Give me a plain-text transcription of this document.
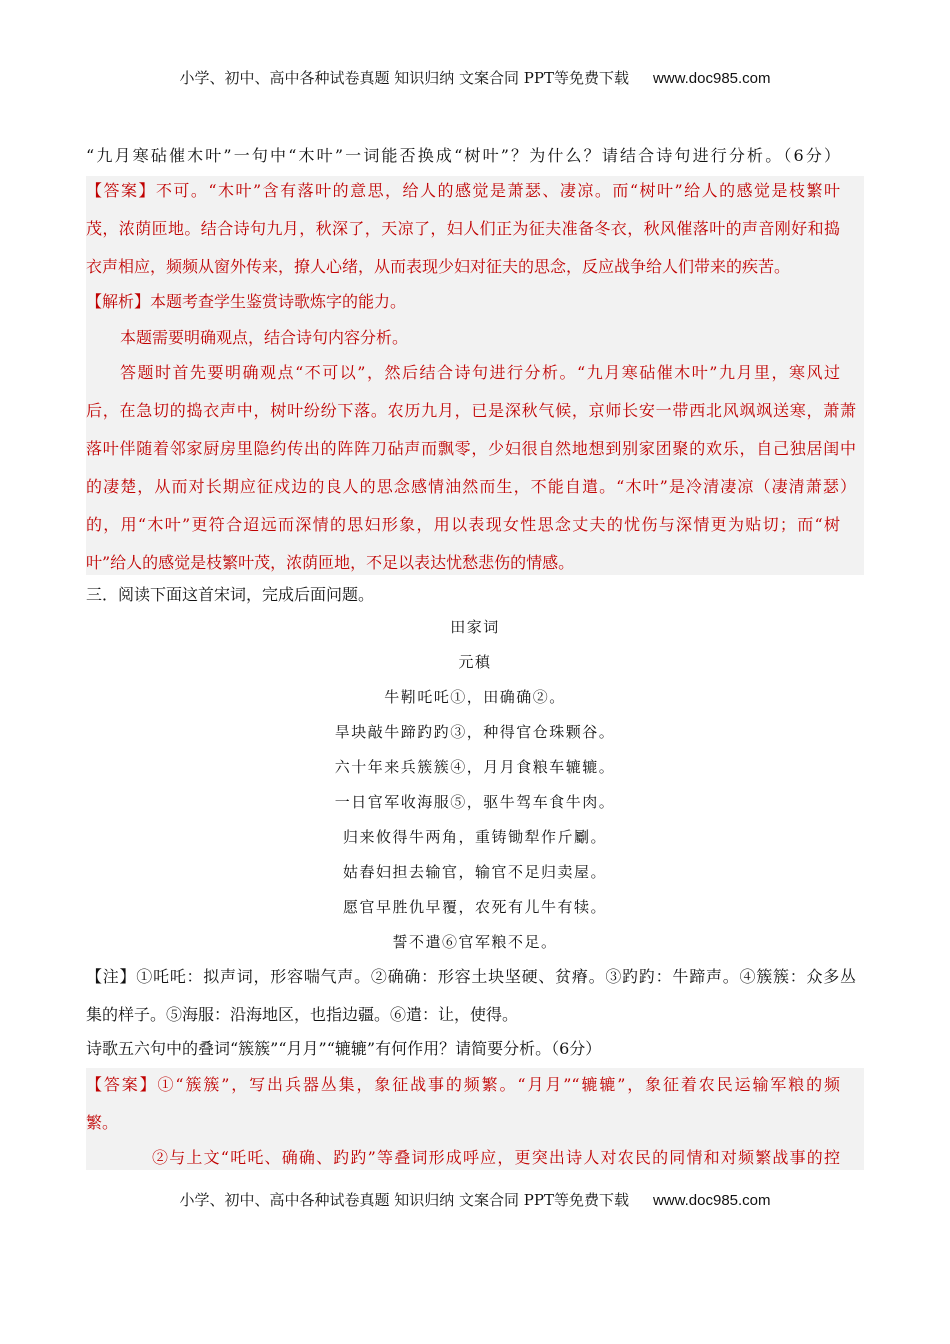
小学、初中、高中各种试卷真题 知识归纳 文案合同 PPT等免费下载 www.doc985.com
“九月寒砧催木叶”一句中“木叶”一词能否换成“树叶”？为什么？请结合诗句进行分析。（6分）
【答案】不可。“木叶”含有落叶的意思，给人的感觉是萧瑟、凄凉。而“树叶”给人的感觉是枝繁叶
茂，浓荫匝地。结合诗句九月，秋深了，天凉了，妇人们正为征夫准备冬衣，秋风催落叶的声音刚好和捣
衣声相应，频频从窗外传来，撩人心绪，从而表现少妇对征夫的思念，反应战争给人们带来的疾苦。
【解析】本题考查学生鉴赏诗歌炼字的能力。
本题需要明确观点，结合诗句内容分析。
答题时首先要明确观点“不可以”，然后结合诗句进行分析。“九月寒砧催木叶”九月里，寒风过
后，在急切的捣衣声中，树叶纷纷下落。农历九月，已是深秋气候，京师长安一带西北风飒飒送寒，萧萧
落叶伴随着邻家厨房里隐约传出的阵阵刀砧声而飘零，少妇很自然地想到别家团聚的欢乐，自己独居闺中
的凄楚，从而对长期应征戍边的良人的思念感情油然而生，不能自遣。“木叶”是冷清凄凉（凄清萧瑟）
的，用“木叶”更符合迢远而深情的思妇形象，用以表现女性思念丈夫的忧伤与深情更为贴切；而“树
叶”给人的感觉是枝繁叶茂，浓荫匝地，不足以表达忧愁悲伤的情感。
三．阅读下面这首宋词，完成后面问题。
田家词
元稹
牛靷吒吒①，田确确②。
旱块敲牛蹄趵趵③，种得官仓珠颗谷。
六十年来兵簇簇④，月月食粮车辘辘。
一日官军收海服⑤，驱牛驾车食牛肉。
归来攸得牛两角，重铸锄犁作斤劚。
姑舂妇担去输官，输官不足归卖屋。
愿官早胜仇早覆，农死有儿牛有犊。
誓不遣⑥官军粮不足。
【注】①吒吒：拟声词，形容喘气声。②确确：形容土块坚硬、贫瘠。③趵趵：牛蹄声。④簇簇：众多丛
集的样子。⑤海服：沿海地区，也指边疆。⑥遣：让，使得。
诗歌五六句中的叠词“簇簇”“月月”“辘辘”有何作用？请简要分析。（6分）
【答案】①“簇簇”，写出兵器丛集，象征战事的频繁。“月月”“辘辘”，象征着农民运输军粮的频
繁。
②与上文“吒吒、确确、趵趵”等叠词形成呼应，更突出诗人对农民的同情和对频繁战事的控
小学、初中、高中各种试卷真题 知识归纳 文案合同 PPT等免费下载 www.doc985.com
